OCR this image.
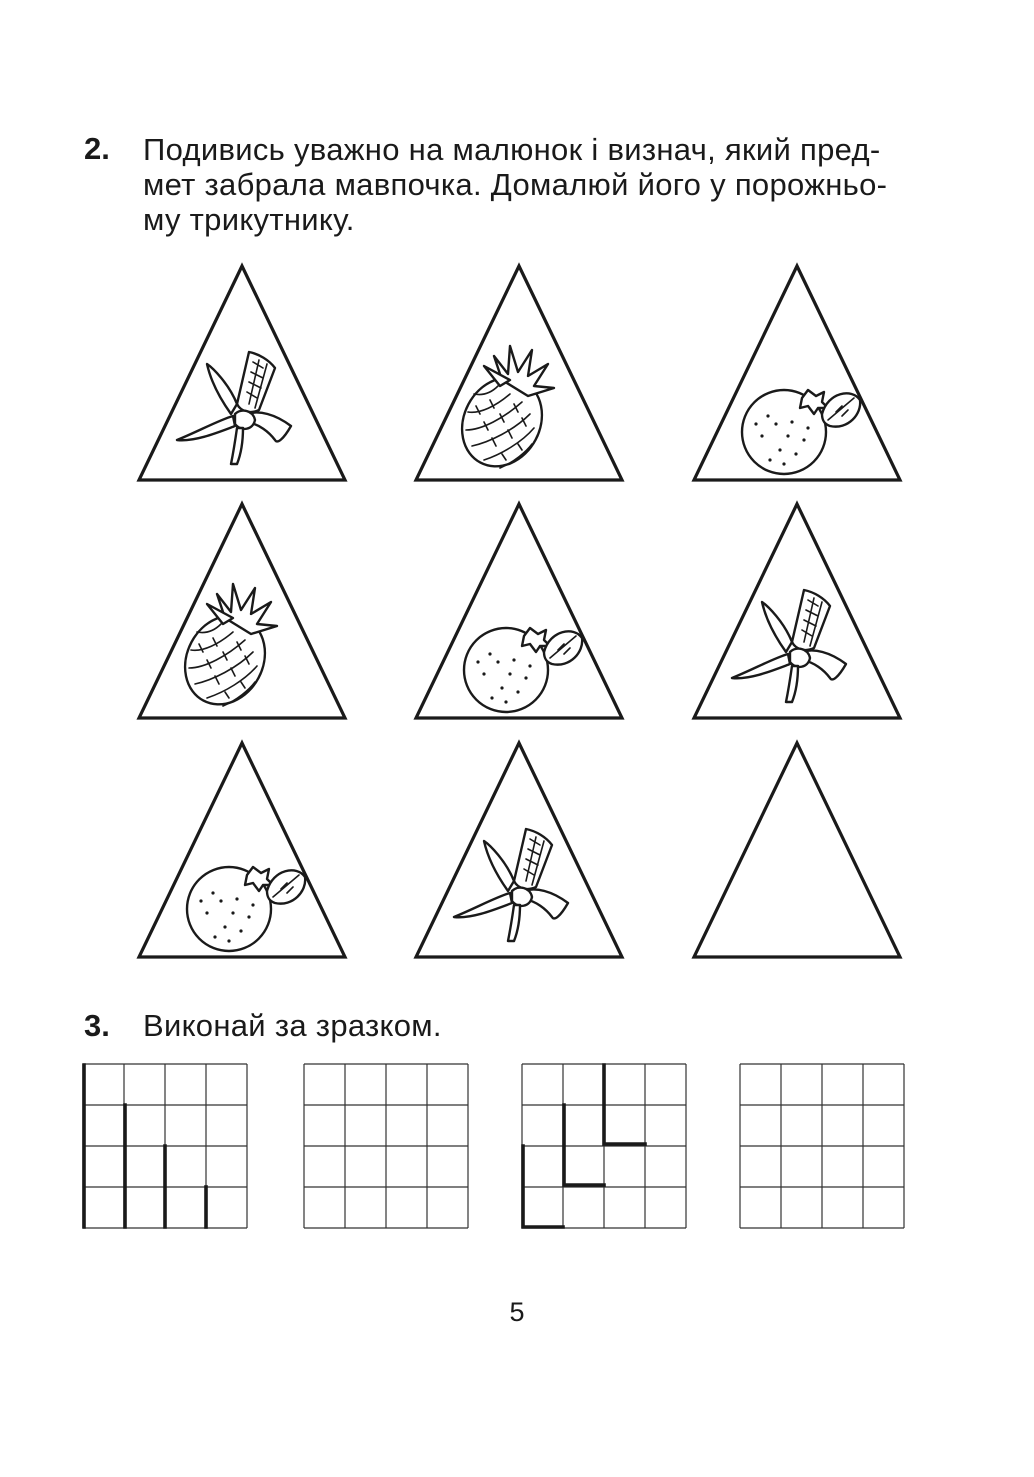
2. Подивись уважно на малюнок і визнач, який пред-
мет забрала мавпочка. Домалюй його у порожньо-
му трикутнику.
3. Виконай за зразком.
5
